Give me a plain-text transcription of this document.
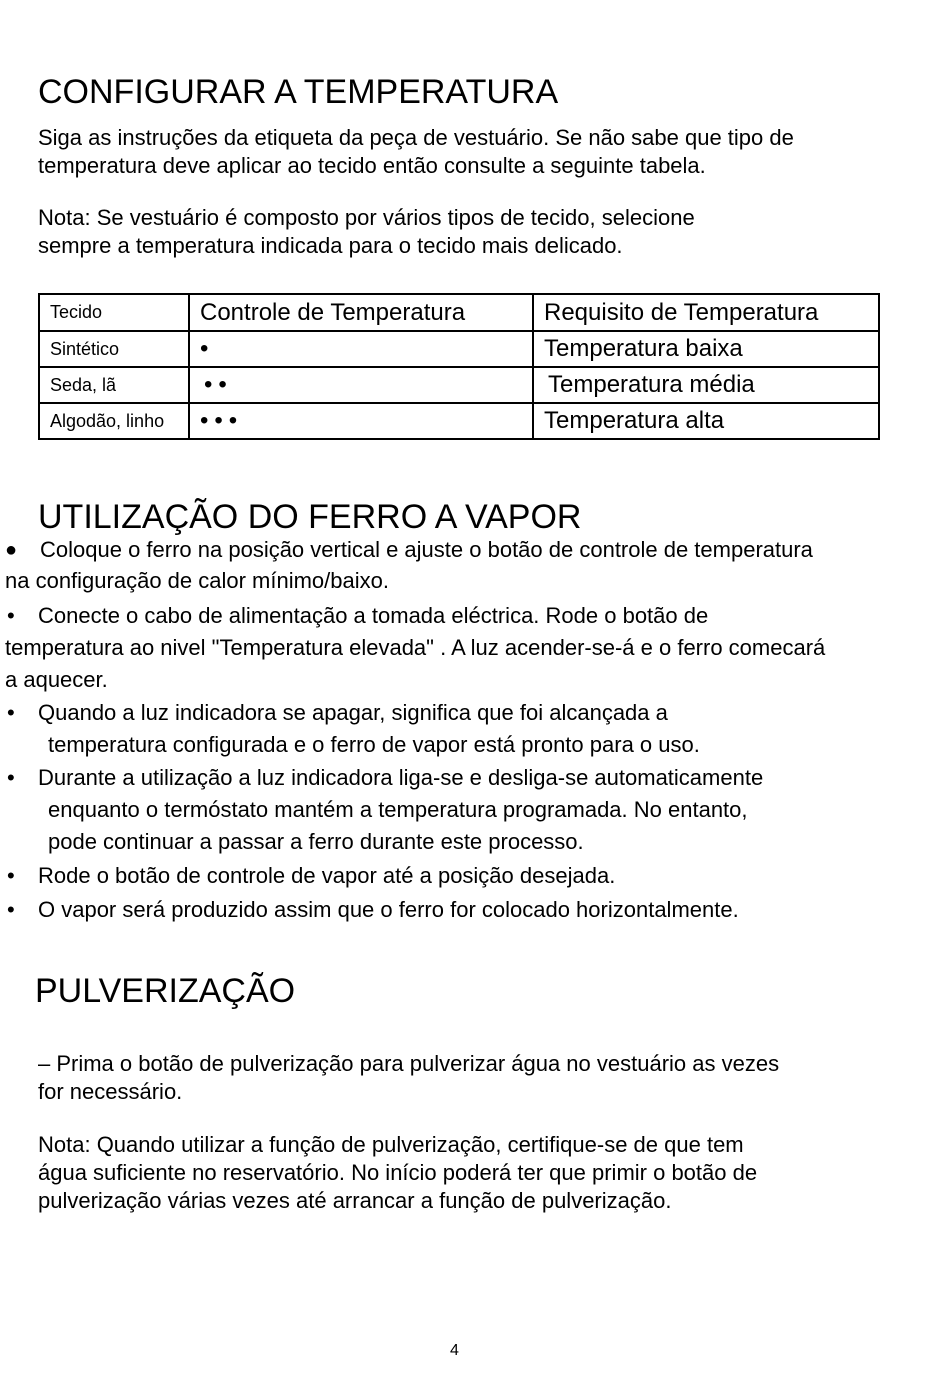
CONFIGURAR A TEMPERATURA
Siga as instruções da etiqueta da peça de vestuário. Se não sabe que tipo de
temperatura deve aplicar ao tecido então consulte a seguinte tabela.
Nota: Se vestuário é composto por vários tipos de tecido, selecione
sempre a temperatura indicada para o tecido mais delicado.
Tecido	Controle de Temperatura	Requisito de Temperatura
Sintético	•	Temperatura baixa
Seda, lã	••	Temperatura média
Algodão, linho	•••	Temperatura alta
UTILIZAÇÃO DO FERRO A VAPOR
● Coloque o ferro na posição vertical e ajuste o botão de controle de temperatura
na configuração de calor mínimo/baixo.
• Conecte o cabo de alimentação a tomada eléctrica. Rode o botão de
temperatura ao nivel "Temperatura elevada" . A luz acender-se-á e o ferro comecará
a aquecer.
• Quando a luz indicadora se apagar, significa que foi alcançada a
temperatura configurada e o ferro de vapor está pronto para o uso.
• Durante a utilização a luz indicadora liga-se e desliga-se automaticamente
enquanto o termóstato mantém a temperatura programada. No entanto,
pode continuar a passar a ferro durante este processo.
• Rode o botão de controle de vapor até a posição desejada.
• O vapor será produzido assim que o ferro for colocado horizontalmente.
PULVERIZAÇÃO
– Prima o botão de pulverização para pulverizar água no vestuário as vezes
for necessário.
Nota: Quando utilizar a função de pulverização, certifique-se de que tem
água suficiente no reservatório. No início poderá ter que primir o botão de
pulverização várias vezes até arrancar a função de pulverização.
4
